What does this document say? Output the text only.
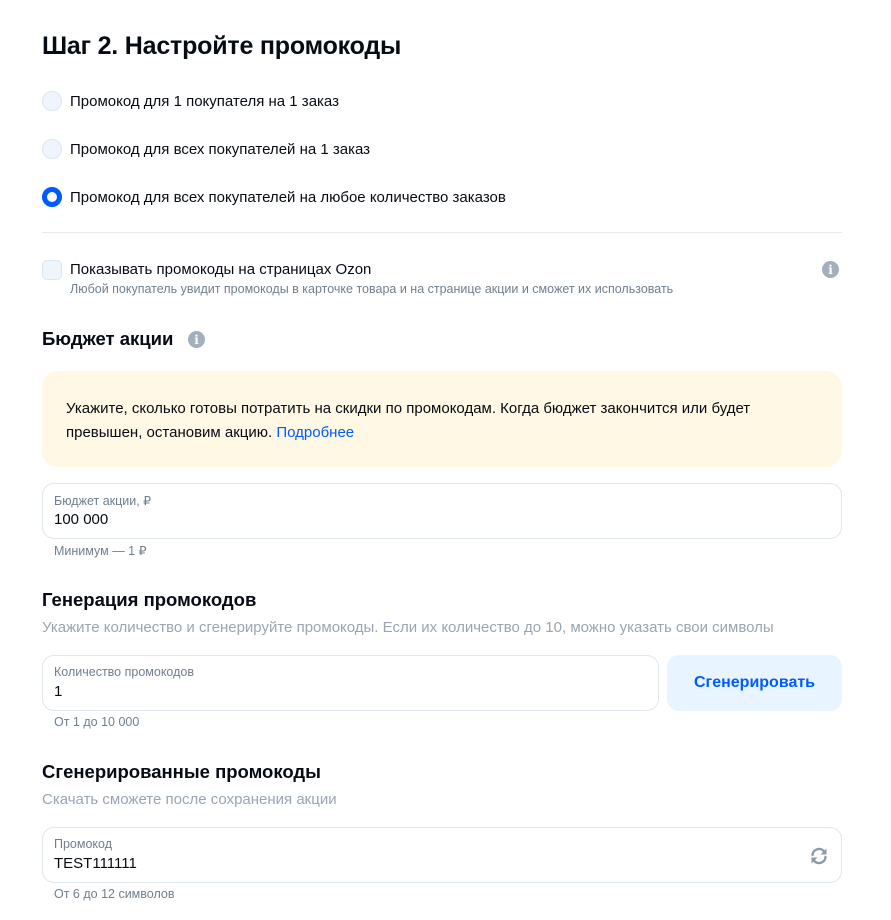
Шаг 2. Настройте промокоды
Промокод для 1 покупателя на 1 заказ
Промокод для всех покупателей на 1 заказ
Промокод для всех покупателей на любое количество заказов
Показывать промокоды на страницах Ozon
Любой покупатель увидит промокоды в карточке товара и на странице акции и сможет их использовать
i
Бюджет акции	i
Укажите, сколько готовы потратить на скидки по промокодам. Когда бюджет закончится или будет превышен, остановим акцию. Подробнее
Бюджет акции, ₽
100 000
Минимум — 1 ₽
Генерация промокодов
Укажите количество и сгенерируйте промокоды. Если их количество до 10, можно указать свои символы
Количество промокодов
1
Сгенерировать
От 1 до 10 000
Сгенерированные промокоды
Скачать сможете после сохранения акции
Промокод
TEST111111
От 6 до 12 символов
